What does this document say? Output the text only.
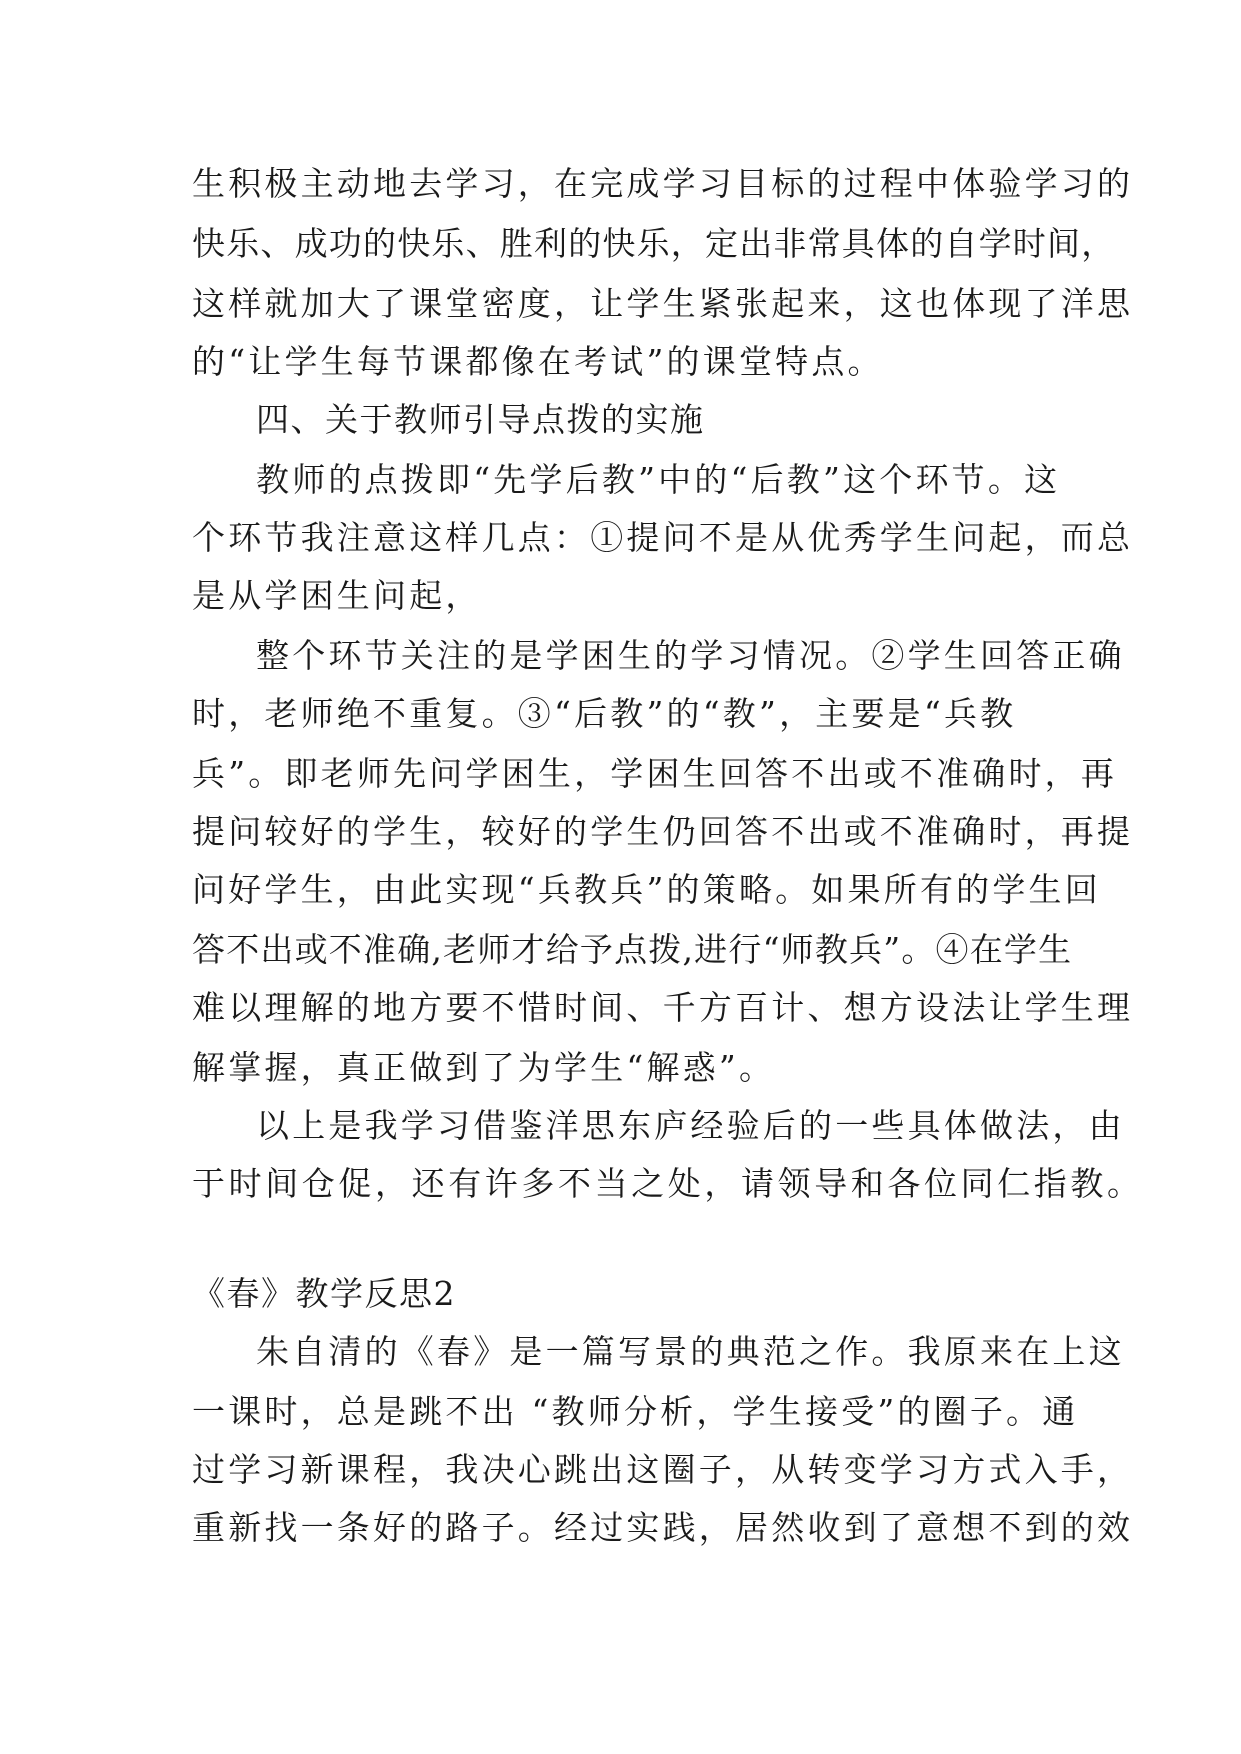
生积极主动地去学习，在完成学习目标的过程中体验学习的
快乐、成功的快乐、胜利的快乐，定出非常具体的自学时间，
这样就加大了课堂密度，让学生紧张起来，这也体现了洋思
的“让学生每节课都像在考试”的课堂特点。
四、关于教师引导点拨的实施
教师的点拨即“先学后教”中的“后教”这个环节。这
个环节我注意这样几点：①提问不是从优秀学生问起，而总
是从学困生问起，
整个环节关注的是学困生的学习情况。②学生回答正确
时，老师绝不重复。③“后教”的“教”，主要是“兵教
兵”。即老师先问学困生，学困生回答不出或不准确时，再
提问较好的学生，较好的学生仍回答不出或不准确时，再提
问好学生，由此实现“兵教兵”的策略。如果所有的学生回
答不出或不准确,老师才给予点拨,进行“师教兵”。④在学生
难以理解的地方要不惜时间、千方百计、想方设法让学生理
解掌握，真正做到了为学生“解惑”。
以上是我学习借鉴洋思东庐经验后的一些具体做法，由
于时间仓促，还有许多不当之处，请领导和各位同仁指教。
《春》教学反思2
朱自清的《春》是一篇写景的典范之作。我原来在上这
一课时，总是跳不出 “教师分析，学生接受”的圈子。通
过学习新课程，我决心跳出这圈子，从转变学习方式入手，
重新找一条好的路子。经过实践，居然收到了意想不到的效
